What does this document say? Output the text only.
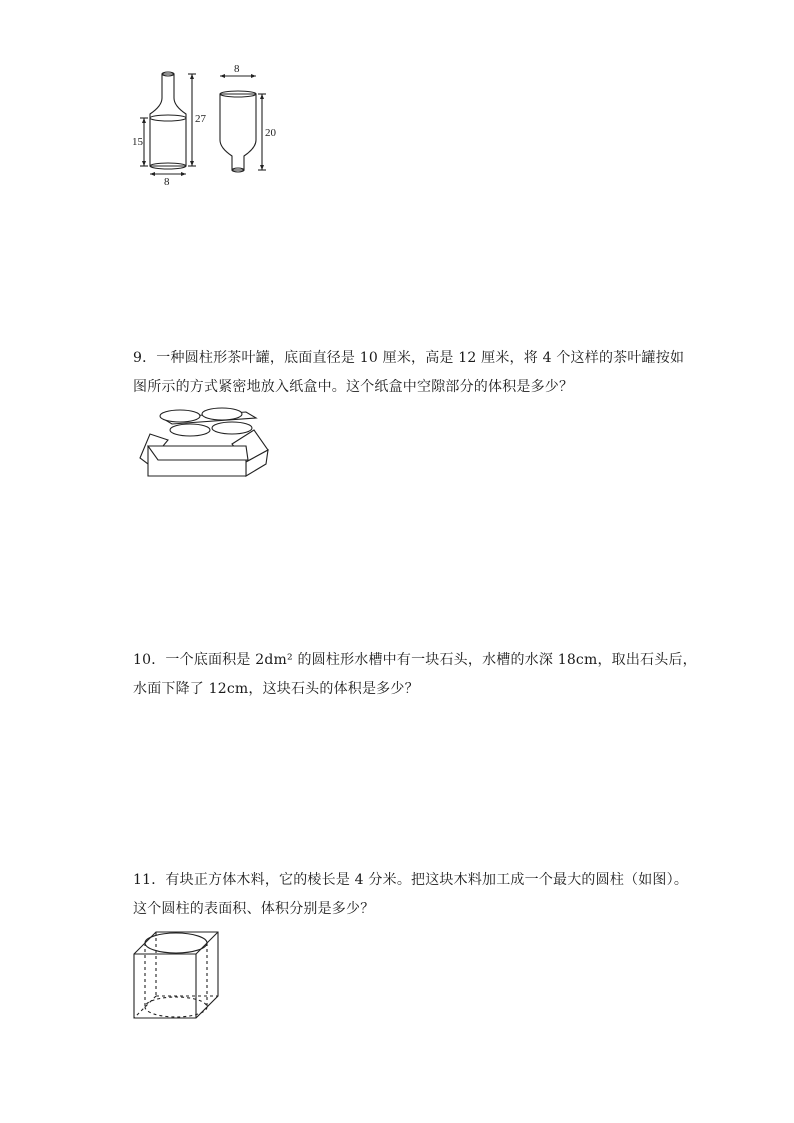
15
27
8
8
20

9．一种圆柱形茶叶罐，底面直径是 10 厘米，高是 12 厘米，将 4 个这样的茶叶罐按如

图所示的方式紧密地放入纸盒中。这个纸盒中空隙部分的体积是多少？

10．一个底面积是 2dm² 的圆柱形水槽中有一块石头，水槽的水深 18cm，取出石头后，

水面下降了 12cm，这块石头的体积是多少？

11．有块正方体木料，它的棱长是 4 分米。把这块木料加工成一个最大的圆柱（如图）。

这个圆柱的表面积、体积分别是多少？
